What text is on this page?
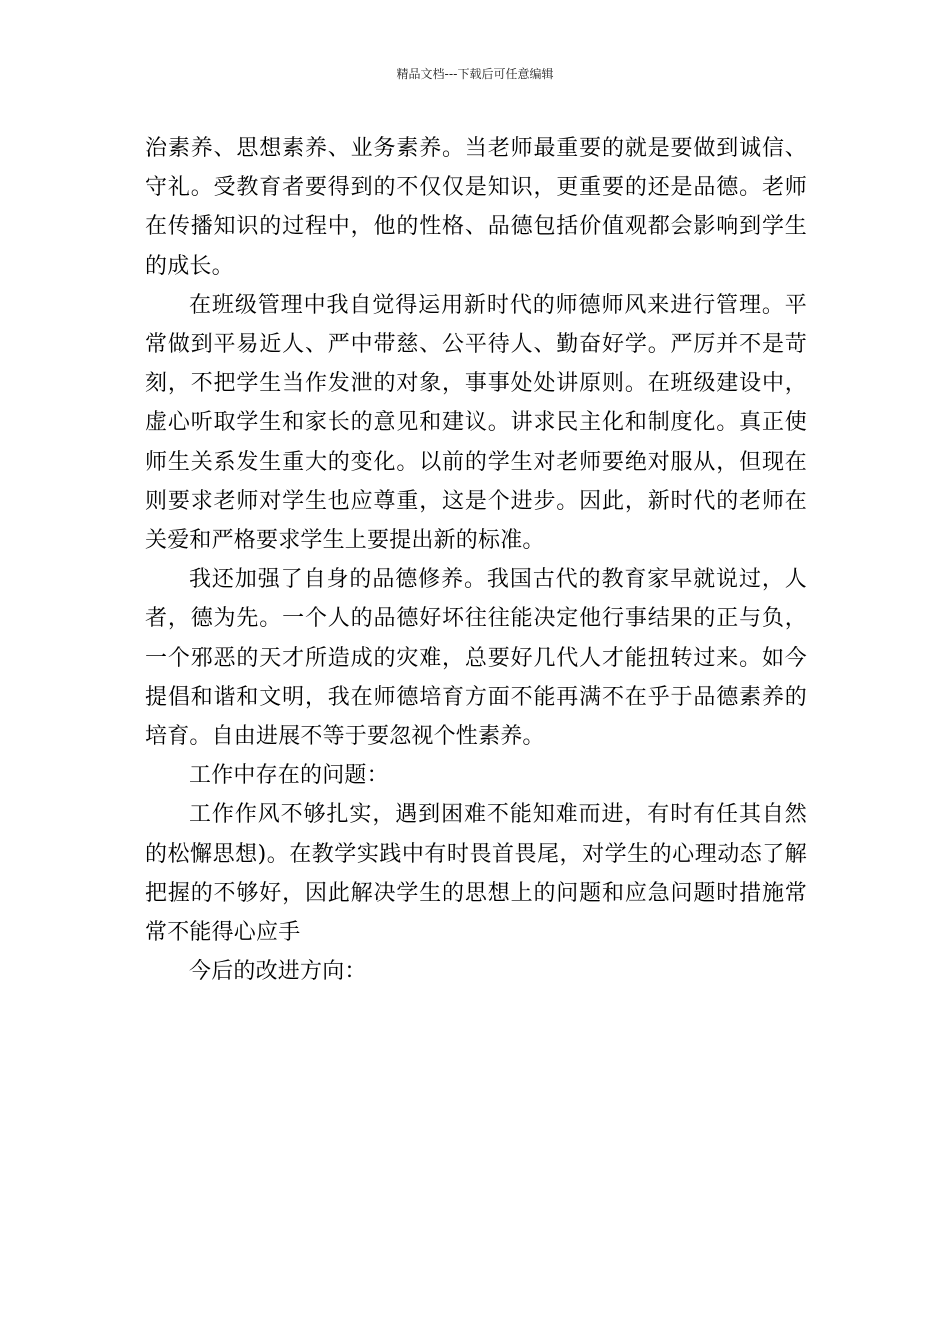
精品文档---下载后可任意编辑

治素养、思想素养、业务素养。当老师最重要的就是要做到诚信、守礼。受教育者要得到的不仅仅是知识，更重要的还是品德。老师在传播知识的过程中，他的性格、品德包括价值观都会影响到学生的成长。

在班级管理中我自觉得运用新时代的师德师风来进行管理。平常做到平易近人、严中带慈、公平待人、勤奋好学。严厉并不是苛刻，不把学生当作发泄的对象，事事处处讲原则。在班级建设中，虚心听取学生和家长的意见和建议。讲求民主化和制度化。真正使师生关系发生重大的变化。以前的学生对老师要绝对服从，但现在则要求老师对学生也应尊重，这是个进步。因此，新时代的老师在关爱和严格要求学生上要提出新的标准。

我还加强了自身的品德修养。我国古代的教育家早就说过，人者，德为先。一个人的品德好坏往往能决定他行事结果的正与负，一个邪恶的天才所造成的灾难，总要好几代人才能扭转过来。如今提倡和谐和文明，我在师德培育方面不能再满不在乎于品德素养的培育。自由进展不等于要忽视个性素养。

工作中存在的问题：

工作作风不够扎实，遇到困难不能知难而进，有时有任其自然的松懈思想)。在教学实践中有时畏首畏尾，对学生的心理动态了解把握的不够好，因此解决学生的思想上的问题和应急问题时措施常常不能得心应手

今后的改进方向：
